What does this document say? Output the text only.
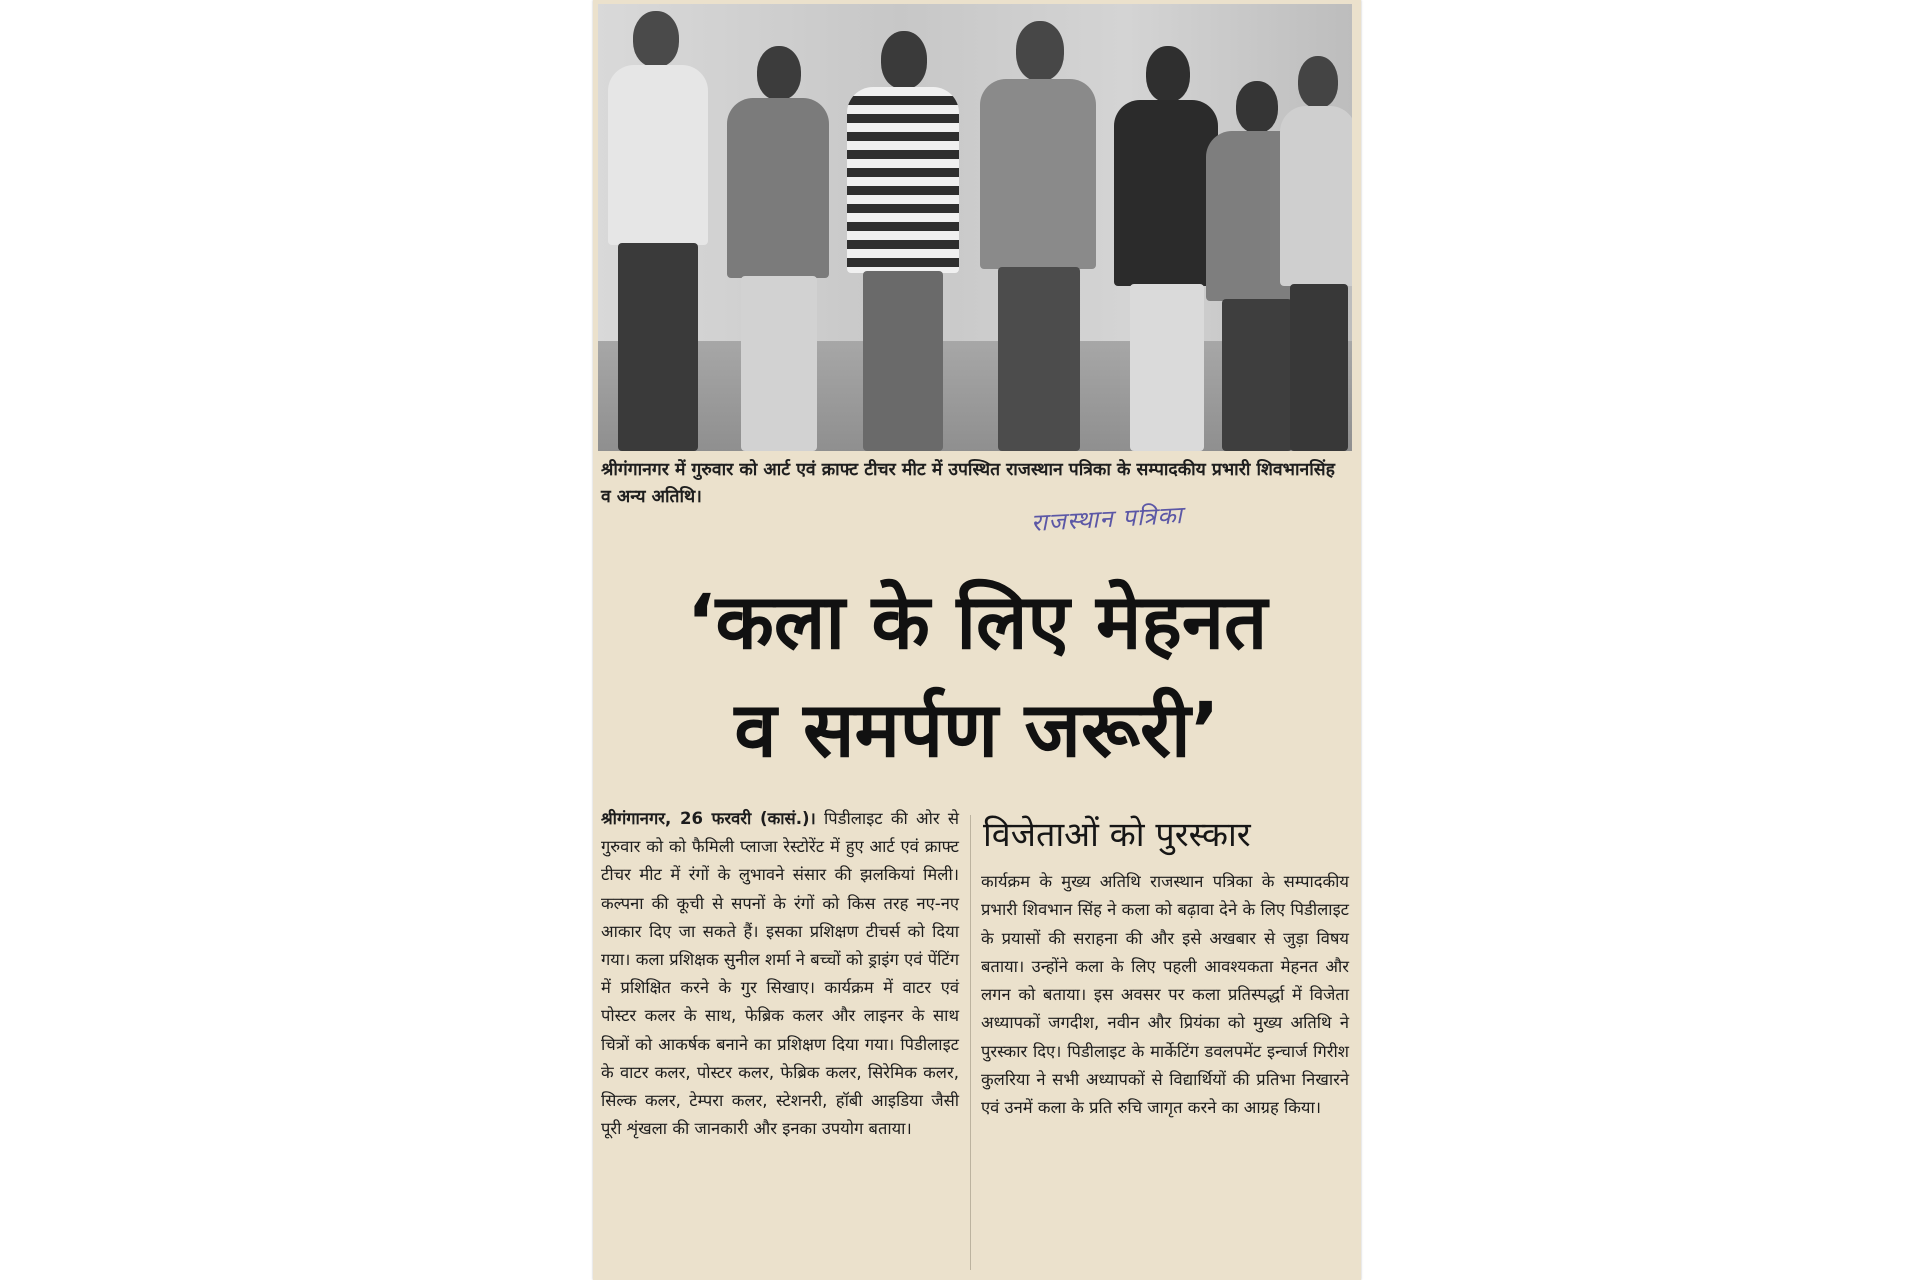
श्रीगंगानगर में गुरुवार को आर्ट एवं क्राफ्ट टीचर मीट में उपस्थित राजस्थान पत्रिका के सम्पादकीय प्रभारी शिवभानसिंह व अन्य अतिथि।
राजस्थान पत्रिका
‘कला के लिए मेहनत
व समर्पण जरूरी’
श्रीगंगानगर, 26 फरवरी (कासं.)। पिडीलाइट की ओर से गुरुवार को को फैमिली प्लाजा रेस्टोरेंट में हुए आर्ट एवं क्राफ्ट टीचर मीट में रंगों के लुभावने संसार की झलकियां मिली। कल्पना की कूची से सपनों के रंगों को किस तरह नए-नए आकार दिए जा सकते हैं। इसका प्रशिक्षण टीचर्स को दिया गया। कला प्रशिक्षक सुनील शर्मा ने बच्चों को ड्राइंग एवं पेंटिंग में प्रशिक्षित करने के गुर सिखाए। कार्यक्रम में वाटर एवं पोस्टर कलर के साथ, फेब्रिक कलर और लाइनर के साथ चित्रों को आकर्षक बनाने का प्रशिक्षण दिया गया। पिडीलाइट के वाटर कलर, पोस्टर कलर, फेब्रिक कलर, सिरेमिक कलर, सिल्क कलर, टेम्परा कलर, स्टेशनरी, हॉबी आइडिया जैसी पूरी शृंखला की जानकारी और इनका उपयोग बताया।
विजेताओं को पुरस्कार
कार्यक्रम के मुख्य अतिथि राजस्थान पत्रिका के सम्पादकीय प्रभारी शिवभान सिंह ने कला को बढ़ावा देने के लिए पिडीलाइट के प्रयासों की सराहना की और इसे अखबार से जुड़ा विषय बताया। उन्होंने कला के लिए पहली आवश्यकता मेहनत और लगन को बताया। इस अवसर पर कला प्रतिस्पर्द्धा में विजेता अध्यापकों जगदीश, नवीन और प्रियंका को मुख्य अतिथि ने पुरस्कार दिए। पिडीलाइट के मार्केटिंग डवलपमेंट इन्चार्ज गिरीश कुलरिया ने सभी अध्यापकों से विद्यार्थियों की प्रतिभा निखारने एवं उनमें कला के प्रति रुचि जागृत करने का आग्रह किया।
